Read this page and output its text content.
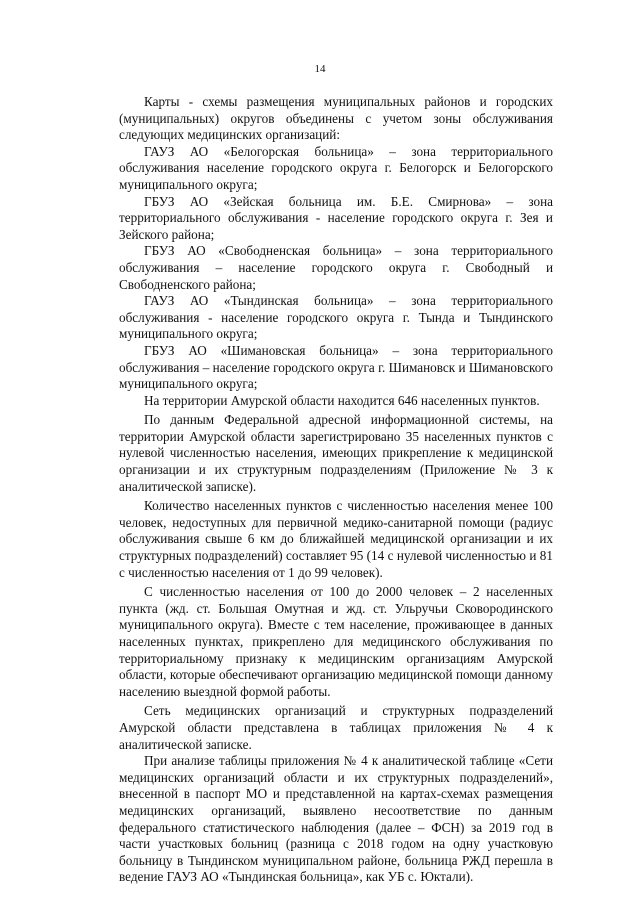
14

Карты - схемы размещения муниципальных районов и городских (муниципальных) округов объединены с учетом зоны обслуживания следующих медицинских организаций:

ГАУЗ АО «Белогорская больница» – зона территориального обслуживания население городского округа г. Белогорск и Белогорского муниципального округа;

ГБУЗ АО «Зейская больница им. Б.Е. Смирнова» – зона территориального обслуживания - население городского округа г. Зея и Зейского района;

ГБУЗ АО «Свободненская больница» – зона территориального обслуживания – население городского округа г. Свободный и Свободненского района;

ГАУЗ АО «Тындинская больница» – зона территориального обслуживания - население городского округа г. Тында и Тындинского муниципального округа;

ГБУЗ АО «Шимановская больница» – зона территориального обслуживания – население городского округа г. Шимановск и Шимановского муниципального округа;

На территории Амурской области находится 646 населенных пунктов.

По данным Федеральной адресной информационной системы, на территории Амурской области зарегистрировано 35 населенных пунктов с нулевой численностью населения, имеющих прикрепление к медицинской организации и их структурным подразделениям (Приложение № 3 к аналитической записке).

Количество населенных пунктов с численностью населения менее 100 человек, недоступных для первичной медико-санитарной помощи (радиус обслуживания свыше 6 км до ближайшей медицинской организации и их структурных подразделений) составляет 95 (14 с нулевой численностью и 81 с численностью населения от 1 до 99 человек).

С численностью населения от 100 до 2000 человек – 2 населенных пункта (жд. ст. Большая Омутная и жд. ст. Ульручьи Сковородинского муниципального округа). Вместе с тем население, проживающее в данных населенных пунктах, прикреплено для медицинского обслуживания по территориальному признаку к медицинским организациям Амурской области, которые обеспечивают организацию медицинской помощи данному населению выездной формой работы.

Сеть медицинских организаций и структурных подразделений Амурской области представлена в таблицах приложения № 4 к аналитической записке.

При анализе таблицы приложения № 4 к аналитической таблице «Сети медицинских организаций области и их структурных подразделений», внесенной в паспорт МО и представленной на картах-схемах размещения медицинских организаций, выявлено несоответствие по данным федерального статистического наблюдения (далее – ФСН) за 2019 год в части участковых больниц (разница с 2018 годом на одну участковую больницу в Тындинском муниципальном районе, больница РЖД перешла в ведение ГАУЗ АО «Тындинская больница», как УБ с. Юктали).
